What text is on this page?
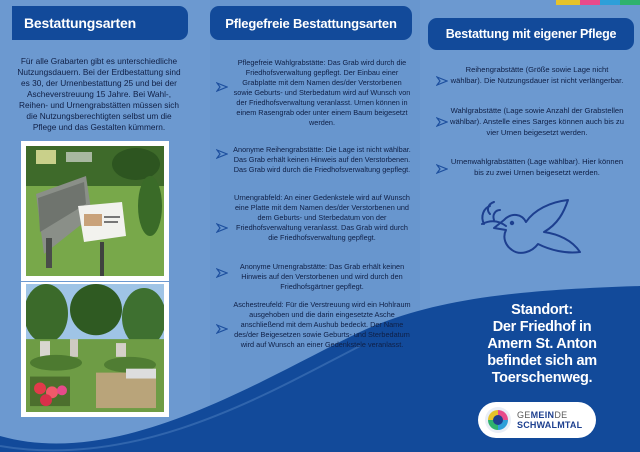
Bestattungsarten	Pflegefreie Bestattungsarten
Bestattung mit eigener Pflege
Für alle Grabarten gibt es unterschiedliche Nutzungsdauern. Bei der Erdbestattung sind es 30, der Urnenbestattung 25 und bei der Ascheverstreuung 15 Jahre. Bei Wahl-, Reihen- und Urnengrabstätten müssen sich die Nutzungsberechtigten selbst um die Pflege und das Gestalten kümmern.

Pflegefreie Wahlgrabstätte: Das Grab wird durch die Friedhofsverwaltung gepflegt. Der Einbau einer Grabplatte mit dem Namen des/der Verstorbenen sowie Geburts- und Sterbedatum wird auf Wunsch von der Friedhofsverwaltung veranlasst. Urnen können in einem Rasengrab oder unter einem Baum beigesetzt werden.

Anonyme Reihengrabstätte: Die Lage ist nicht wählbar. Das Grab erhält keinen Hinweis auf den Verstorbenen. Das Grab wird durch die Friedhofsverwaltung gepflegt.

Urnengrabfeld: An einer Gedenkstele wird auf Wunsch eine Platte mit dem Namen des/der Verstorbenen und dem Geburts- und Sterbedatum von der Friedhofsverwaltung veranlasst. Das Grab wird durch die Friedhofsverwaltung gepflegt.

Anonyme Urnengrabstätte: Das Grab erhält keinen Hinweis auf den Verstorbenen und wird durch den Friedhofsgärtner gepflegt.

Aschestreufeld: Für die Verstreuung wird ein Hohlraum ausgehoben und die darin eingesetzte Asche anschließend mit dem Aushub bedeckt. Der Name des/der Beigesetzen sowie Geburts- und Sterbedatum wird auf Wunsch an einer Gedenkstele veranlasst.

Reihengrabstätte (Größe sowie Lage nicht wählbar). Die Nutzungsdauer ist nicht verlängerbar.

Wahlgrabstätte (Lage sowie Anzahl der Grabstellen wählbar). Anstelle eines Sarges können auch bis zu vier Urnen beigesetzt werden.

Urnenwahlgrabstätten (Lage wählbar). Hier können bis zu zwei Urnen beigesetzt werden.

Standort:
Der Friedhof in
Amern St. Anton
befindet sich am
Toerschenweg.
GEMEINDE
SCHWALMTAL
